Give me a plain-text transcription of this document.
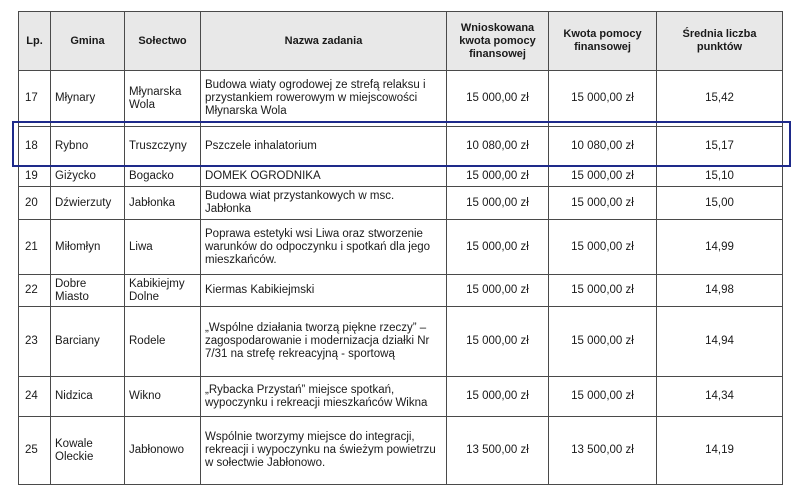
Lp.	Gmina	Sołectwo	Nazwa zadania	Wnioskowana kwota pomocy finansowej	Kwota pomocy finansowej	Średnia liczba punktów
17	Młynary	Młynarska Wola	Budowa wiaty ogrodowej ze strefą relaksu i przystankiem rowerowym w miejscowości Młynarska Wola	15 000,00 zł	15 000,00 zł	15,42
18	Rybno	Truszczyny	Pszczele inhalatorium	10 080,00 zł	10 080,00 zł	15,17
19	Giżycko	Bogacko	DOMEK OGRODNIKA	15 000,00 zł	15 000,00 zł	15,10
20	Dźwierzuty	Jabłonka	Budowa wiat przystankowych w msc. Jabłonka	15 000,00 zł	15 000,00 zł	15,00
21	Miłomłyn	Liwa	Poprawa estetyki wsi Liwa oraz stworzenie warunków do odpoczynku i spotkań dla jego mieszkańców.	15 000,00 zł	15 000,00 zł	14,99
22	Dobre Miasto	Kabikiejmy Dolne	Kiermas Kabikiejmski	15 000,00 zł	15 000,00 zł	14,98
23	Barciany	Rodele	„Wspólne działania tworzą piękne rzeczy” – zagospodarowanie i modernizacja działki Nr 7/31 na strefę rekreacyjną - sportową	15 000,00 zł	15 000,00 zł	14,94
24	Nidzica	Wikno	„Rybacka Przystań” miejsce spotkań, wypoczynku i rekreacji mieszkańców Wikna	15 000,00 zł	15 000,00 zł	14,34
25	Kowale Oleckie	Jabłonowo	Wspólnie tworzymy miejsce do integracji, rekreacji i wypoczynku na świeżym powietrzu w sołectwie Jabłonowo.	13 500,00 zł	13 500,00 zł	14,19
